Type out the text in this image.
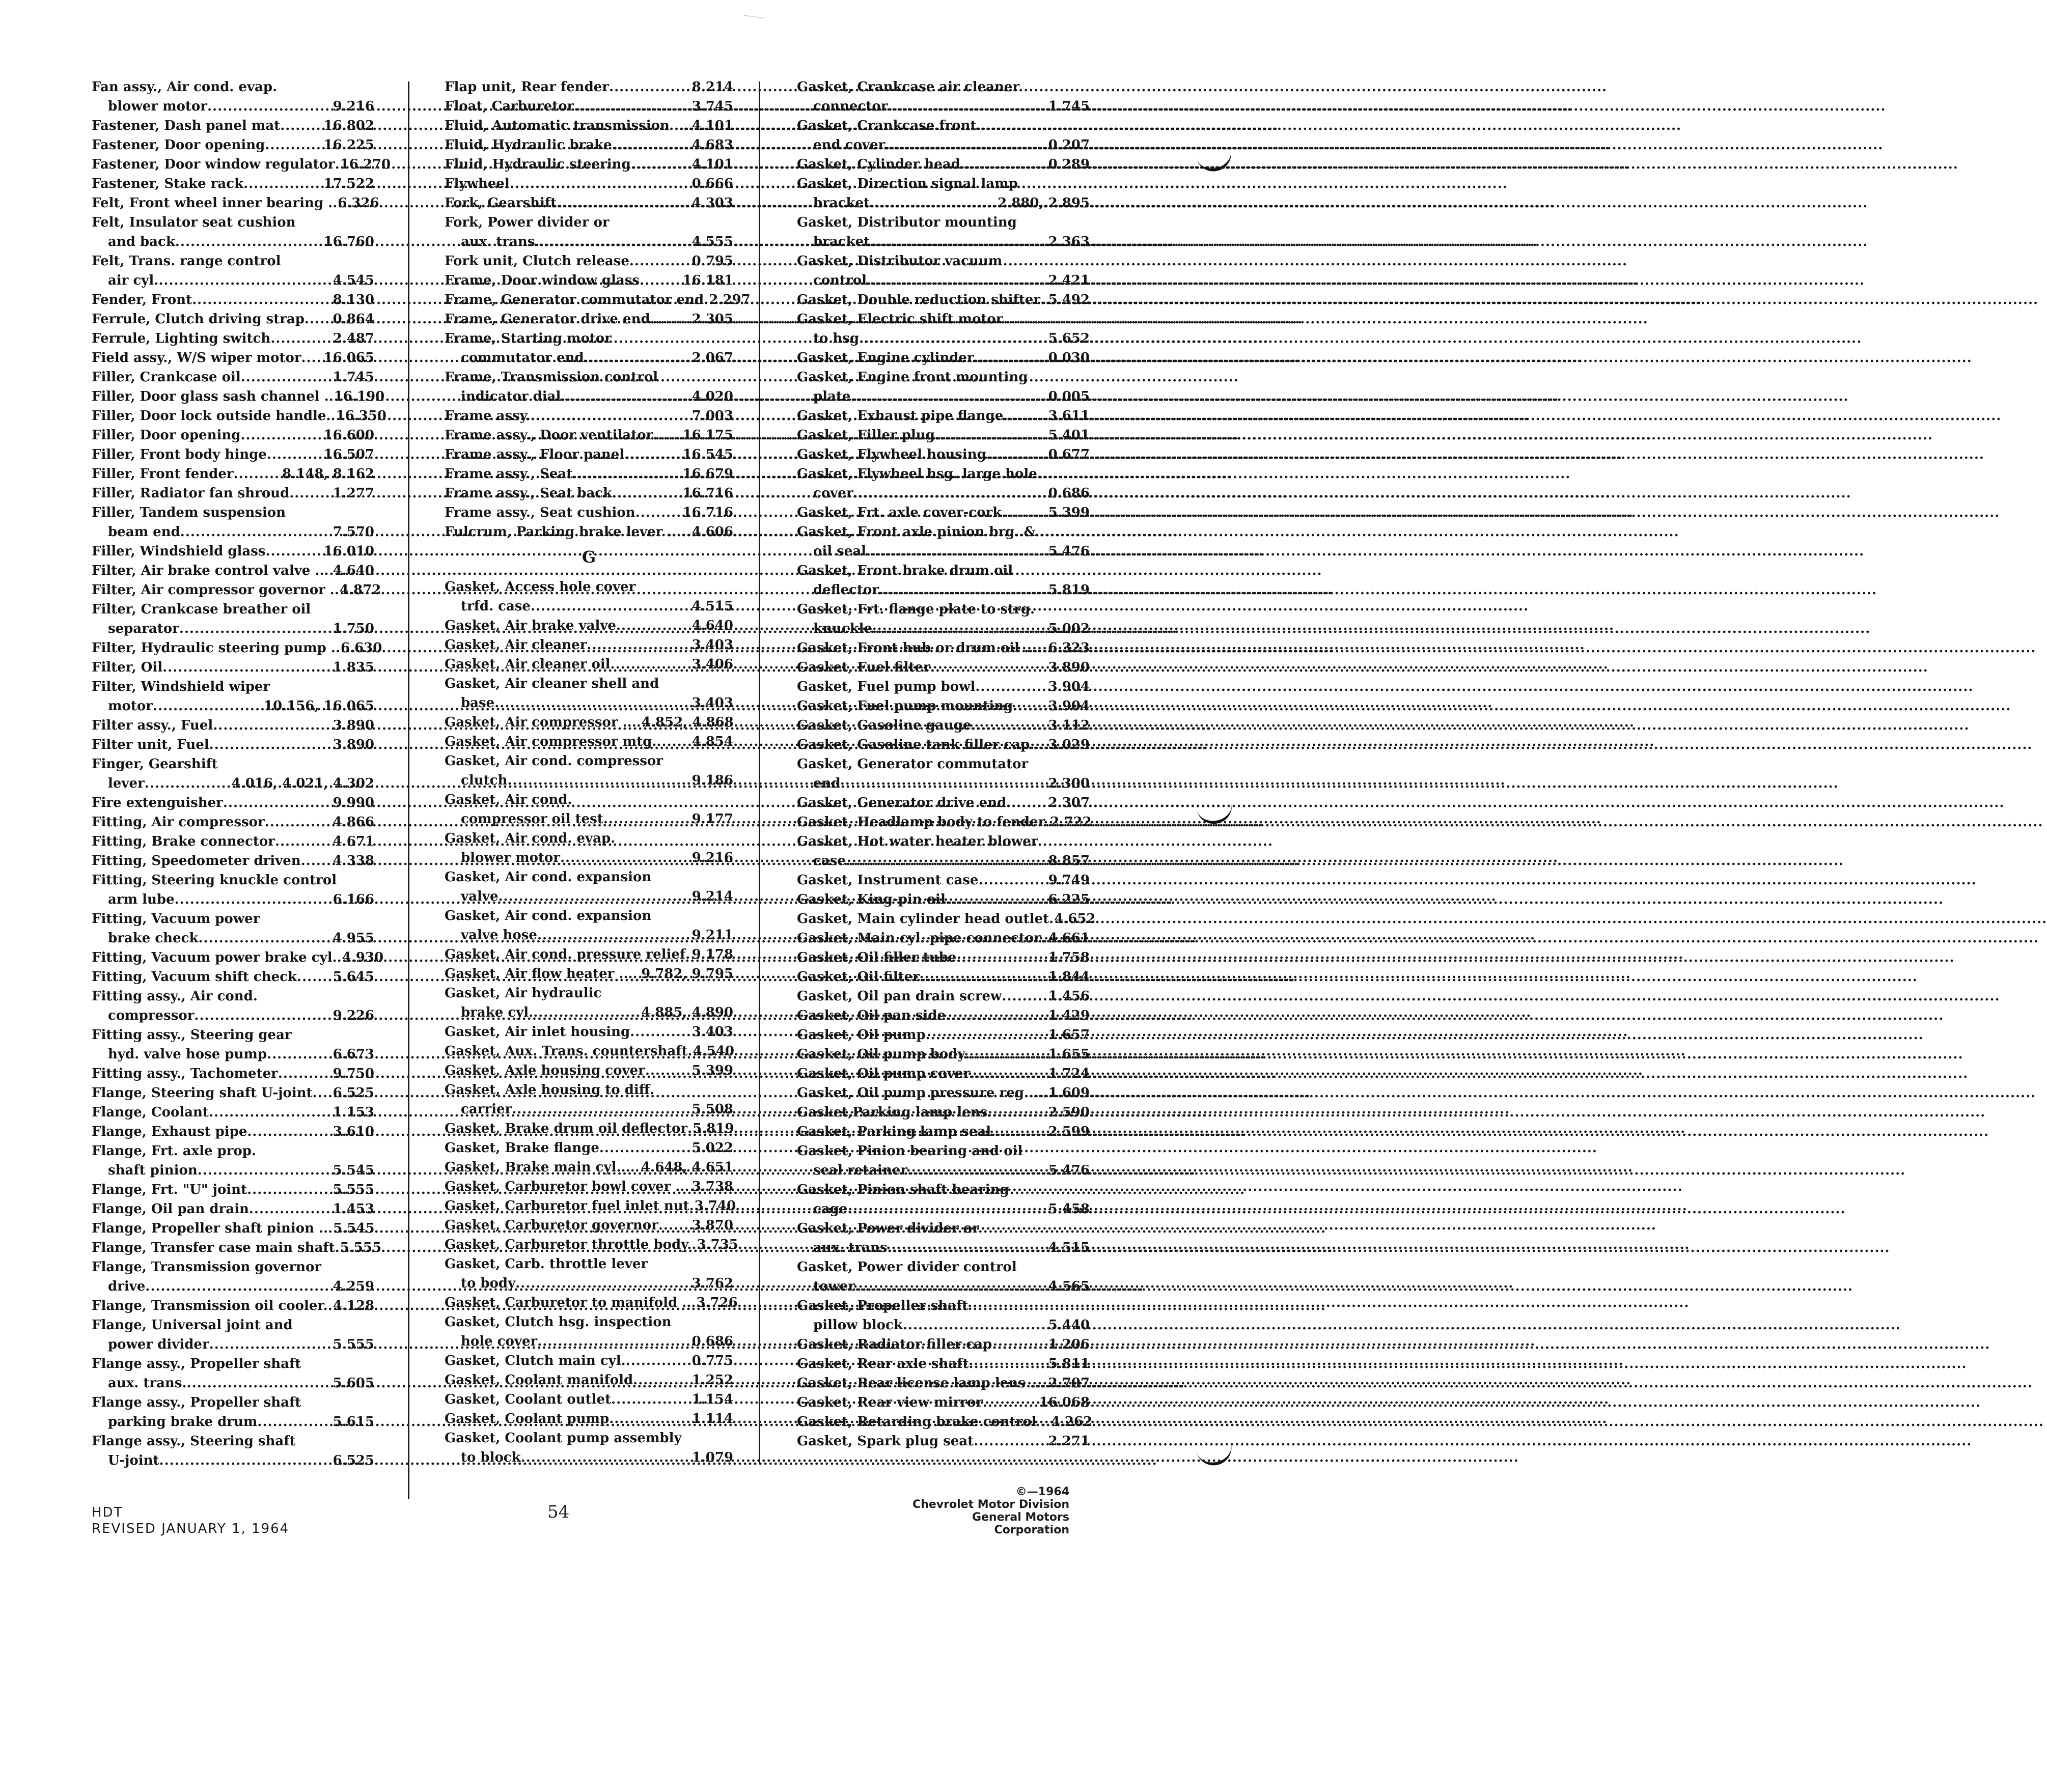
Fan assy., Air cond. evap.
blower motor .....	9.216
Fastener, Dash panel mat .....	16.802
Fastener, Door opening .....	16.225
Fastener, Door window regulator ..... 16.270
Fastener, Stake rack .....	17.522
Felt, Front wheel inner bearing . ..... 6.326
Felt, Insulator seat cushion
and back .....	16.760
Felt, Trans. range control
air cyl. .....	4.545
Fender, Front .....	8.130
Ferrule, Clutch driving strap ..... 0.864
Ferrule, Lighting switch .....	2.487
Field assy., W/S wiper motor ..... 16.065
Filler, Crankcase oil .....	1.745
Filler, Door glass sash channel . ..... 16.190
Filler, Door lock outside handle. ..... 16.350
Filler, Door opening .....	16.600
Filler, Front body hinge .....	16.507
Filler, Front fender .....	8.148, 8.162
Filler, Radiator fan shroud .....	1.277
Filler, Tandem suspension
beam end .....	7.570
Filler, Windshield glass .....	16.010
Filter, Air brake control valve .. ..... 4.640
Filter, Air compressor governor . ..... 4.872
Filter, Crankcase breather oil
separator .....	1.750
Filter, Hydraulic steering pump . ..... 6.630
Filter, Oil .....	1.835
Filter, Windshield wiper
motor .....	10.156, 16.065
Filter assy., Fuel .....	3.890
Filter unit, Fuel .....	3.890
Finger, Gearshift
lever .....	4.016, 4.021, 4.302
Fire extenguisher .....	9.990
Fitting, Air compressor .....	4.866
Fitting, Brake connector .....	4.671
Fitting, Speedometer driven ..... 4.338
Fitting, Steering knuckle control
arm lube .....	6.166
Fitting, Vacuum power
brake check .....	4.955
Fitting, Vacuum power brake cyl. ..... 4.930
Fitting, Vacuum shift check .....	5.645
Fitting assy., Air cond.
compressor .....	9.226
Fitting assy., Steering gear
hyd. valve hose pump .....	6.673
Fitting assy., Tachometer .....	9.750
Flange, Steering shaft U-joint ..... 6.525
Flange, Coolant .....	1.153
Flange, Exhaust pipe .....	3.610
Flange, Frt. axle prop.
shaft pinion .....	5.545
Flange, Frt. "U" joint .....	5.555
Flange, Oil pan drain .....	1.453
Flange, Propeller shaft pinion .. ..... 5.545
Flange, Transfer case main shaft ..... 5.555
Flange, Transmission governor
drive .....	4.259
Flange, Transmission oil cooler. ..... 4.128
Flange, Universal joint and
power divider .....	5.555
Flange assy., Propeller shaft
aux. trans. .....	5.605
Flange assy., Propeller shaft
parking brake drum .....	5.615
Flange assy., Steering shaft
U-joint .....	6.525
Flap unit, Rear fender .....	8.214
Float, Carburetor .....	3.745
Fluid, Automatic transmission .. ..... 4.101
Fluid, Hydraulic brake .....	4.683
Fluid, Hydraulic steering .....	4.101
Flywheel .....	0.666
Fork, Gearshift .....	4.303
Fork, Power divider or
aux. trans. .....	4.555
Fork unit, Clutch release .....	0.795
Frame, Door window glass .....	16.181
Frame, Generator commutator end ..... 2.297
Frame, Generator drive end .....	2.305
Frame, Starting motor
commutator end .....	2.067
Frame, Transmission control
indicator dial .....	4.020
Frame assy. .....	7.003
Frame assy., Door ventilator ..... 16.175
Frame assy., Floor panel .....	16.545
Frame assy., Seat .....	16.679
Frame assy., Seat back .....	16.716
Frame assy., Seat cushion .....	16.716
Fulcrum, Parking brake lever ... ..... 4.606
G
Gasket, Access hole cover
trfd. case .....	4.515
Gasket, Air brake valve .....	4.640
Gasket, Air cleaner .....	3.403
Gasket, Air cleaner oil .....	3.406
Gasket, Air cleaner shell and
base .....	3.403
Gasket, Air compressor ... ..... 4.852, 4.868
Gasket, Air compressor mtg. .....	4.854
Gasket, Air cond. compressor
clutch .....	9.186
Gasket, Air cond.
compressor oil test .....	9.177
Gasket, Air cond. evap.
blower motor .....	9.216
Gasket, Air cond. expansion
valve .....	9.214
Gasket, Air cond. expansion
valve hose .....	9.211
Gasket, Air cond. pressure relief ..... 9.178
Gasket, Air flow heater ... ..... 9.782, 9.795
Gasket, Air hydraulic
brake cyl. .....	4.885, 4.890
Gasket, Air inlet housing .....	3.403
Gasket, Aux. Trans. countershaft ..... 4.540
Gasket, Axle housing cover .....	5.399
Gasket, Axle housing to diff.
carrier .....	5.508
Gasket, Brake drum oil deflector ..... 5.819
Gasket, Brake flange .....	5.022
Gasket, Brake main cyl.... ..... 4.648, 4.651
Gasket, Carburetor bowl cover .. ..... 3.738
Gasket, Carburetor fuel inlet nut ..... 3.740
Gasket, Carburetor governor .....	3.870
Gasket, Carburetor throttle body. ..... 3.735
Gasket, Carb. throttle lever
to body .....	3.762
Gasket, Carburetor to manifold .. ..... 3.726
Gasket, Clutch hsg. inspection
hole cover .....	0.686
Gasket, Clutch main cyl. .....	0.775
Gasket, Coolant manifold .....	1.252
Gasket, Coolant outlet .....	1.154
Gasket, Coolant pump .....	1.114
Gasket, Coolant pump assembly
to block .....	1.079
Gasket, Crankcase air cleaner
connector .....	1.745
Gasket, Crankcase front
end cover .....	0.207
Gasket, Cylinder head .....	0.289
Gasket, Direction signal lamp
bracket .....	2.880, 2.895
Gasket, Distributor mounting
bracket .....	2.363
Gasket, Distributor vacuum
control .....	2.421
Gasket, Double reduction shifter ..... 5.492
Gasket, Electric shift motor
to hsg. .....	5.652
Gasket, Engine cylinder .....	0.030
Gasket, Engine front mounting
plate .....	0.005
Gasket, Exhaust pipe flange .....	3.611
Gasket, Filler plug .....	5.401
Gasket, Flywheel housing .....	0.677
Gasket, Flywheel hsg. large hole
cover .....	0.686
Gasket, Frt. axle cover-cork .....	5.399
Gasket, Front axle pinion brg. &
oil seal .....	5.476
Gasket, Front brake drum oil
deflector .....	5.819
Gasket, Frt. flange plate to strg.
knuckle .....	5.002
Gasket, Front hub or drum oil ... ..... 6.323
Gasket, Fuel filter .....	3.890
Gasket, Fuel pump bowl .....	3.904
Gasket, Fuel pump mounting .....	3.904
Gasket, Gasoline gauge .....	3.112
Gasket, Gasoline tank filler cap. ..... 3.029
Gasket, Generator commutator
end .....	2.300
Gasket, Generator drive end .....	2.307
Gasket, Headlamp body to fender ..... 2.722
Gasket, Hot water heater blower
case .....	8.857
Gasket, Instrument case .....	9.749
Gasket, King-pin oil .....	6.225
Gasket, Main cylinder head outlet ..... 4.652
Gasket, Main cyl. pipe connector ..... 4.661
Gasket, Oil filler tube .....	1.758
Gasket, Oil filter .....	1.844
Gasket, Oil pan drain screw .....	1.456
Gasket, Oil pan side .....	1.429
Gasket, Oil pump .....	1.657
Gasket, Oil pump body .....	1.655
Gasket, Oil pump cover .....	1.724
Gasket, Oil pump pressure reg... ..... 1.609
Gasket,Parking lamp lens .....	2.590
Gasket, Parking lamp seal .....	2.599
Gasket, Pinion bearing and oil
seal retainer .....	5.476
Gasket, Pinion shaft bearing
cage .....	5.458
Gasket, Power divider or
aux. trans. .....	4.515
Gasket, Power divider control
tower .....	4.565
Gasket, Propeller shaft
pillow block .....	5.440
Gasket, Radiator filler cap .....	1.206
Gasket, Rear axle shaft .....	5.811
Gasket, Rear license lamp lens . ..... 2.707
Gasket, Rear view mirror .....	16.068
Gasket, Retarding brake control . ..... 4.262
Gasket, Spark plug seat .....	2.271
HDT
REVISED JANUARY 1, 1964
54
©—1964
Chevrolet Motor Division
General Motors Corporation
